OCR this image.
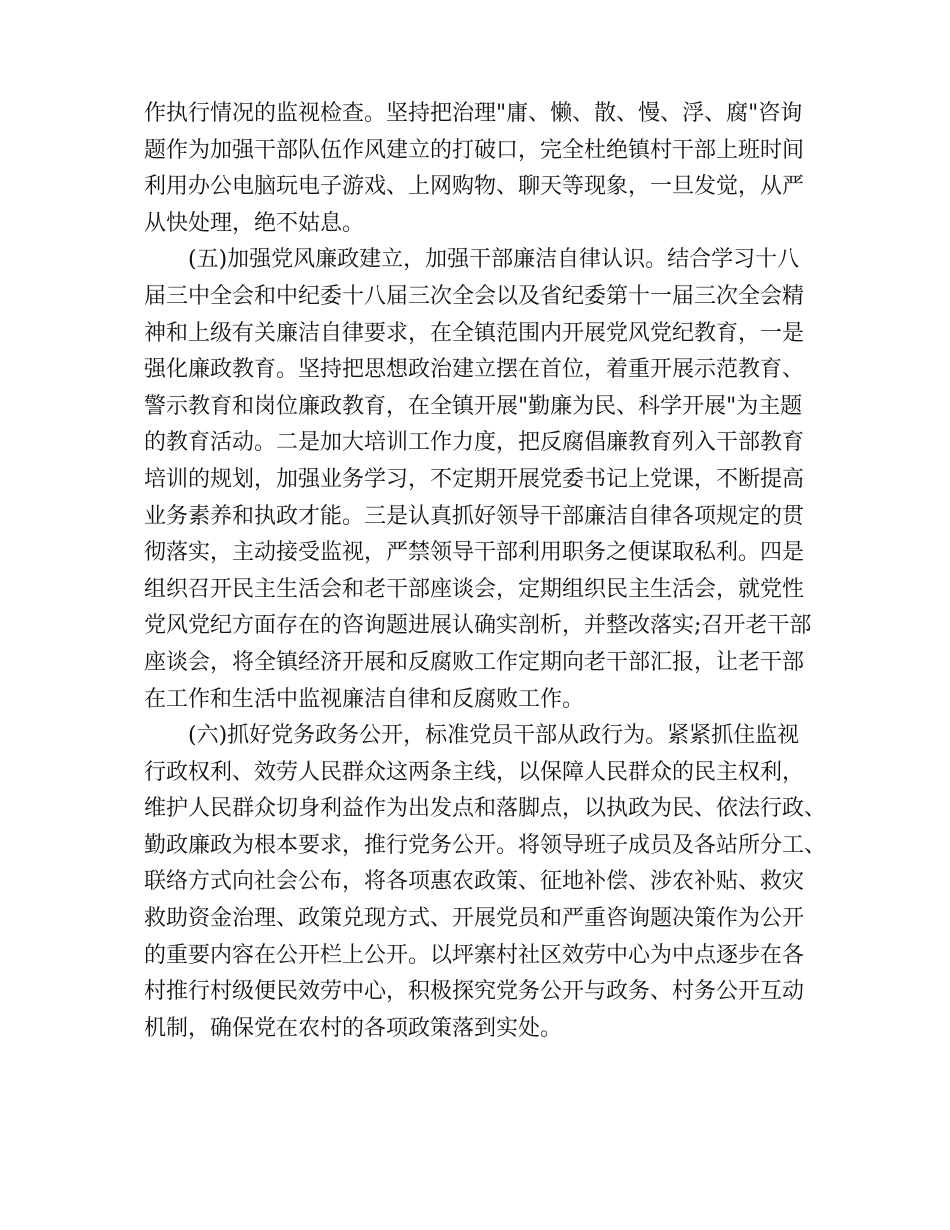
作执行情况的监视检查。坚持把治理"庸、懒、散、慢、浮、腐"咨询
题作为加强干部队伍作风建立的打破口，完全杜绝镇村干部上班时间
利用办公电脑玩电子游戏、上网购物、聊天等现象，一旦发觉，从严
从快处理，绝不姑息。
(五)加强党风廉政建立，加强干部廉洁自律认识。结合学习十八
届三中全会和中纪委十八届三次全会以及省纪委第十一届三次全会精
神和上级有关廉洁自律要求，在全镇范围内开展党风党纪教育，一是
强化廉政教育。坚持把思想政治建立摆在首位，着重开展示范教育、
警示教育和岗位廉政教育，在全镇开展"勤廉为民、科学开展"为主题
的教育活动。二是加大培训工作力度，把反腐倡廉教育列入干部教育
培训的规划，加强业务学习，不定期开展党委书记上党课，不断提高
业务素养和执政才能。三是认真抓好领导干部廉洁自律各项规定的贯
彻落实，主动接受监视，严禁领导干部利用职务之便谋取私利。四是
组织召开民主生活会和老干部座谈会，定期组织民主生活会，就党性
党风党纪方面存在的咨询题进展认确实剖析，并整改落实;召开老干部
座谈会，将全镇经济开展和反腐败工作定期向老干部汇报，让老干部
在工作和生活中监视廉洁自律和反腐败工作。
(六)抓好党务政务公开，标准党员干部从政行为。紧紧抓住监视
行政权利、效劳人民群众这两条主线，以保障人民群众的民主权利，
维护人民群众切身利益作为出发点和落脚点，以执政为民、依法行政、
勤政廉政为根本要求，推行党务公开。将领导班子成员及各站所分工、
联络方式向社会公布，将各项惠农政策、征地补偿、涉农补贴、救灾
救助资金治理、政策兑现方式、开展党员和严重咨询题决策作为公开
的重要内容在公开栏上公开。以坪寨村社区效劳中心为中点逐步在各
村推行村级便民效劳中心，积极探究党务公开与政务、村务公开互动
机制，确保党在农村的各项政策落到实处。
